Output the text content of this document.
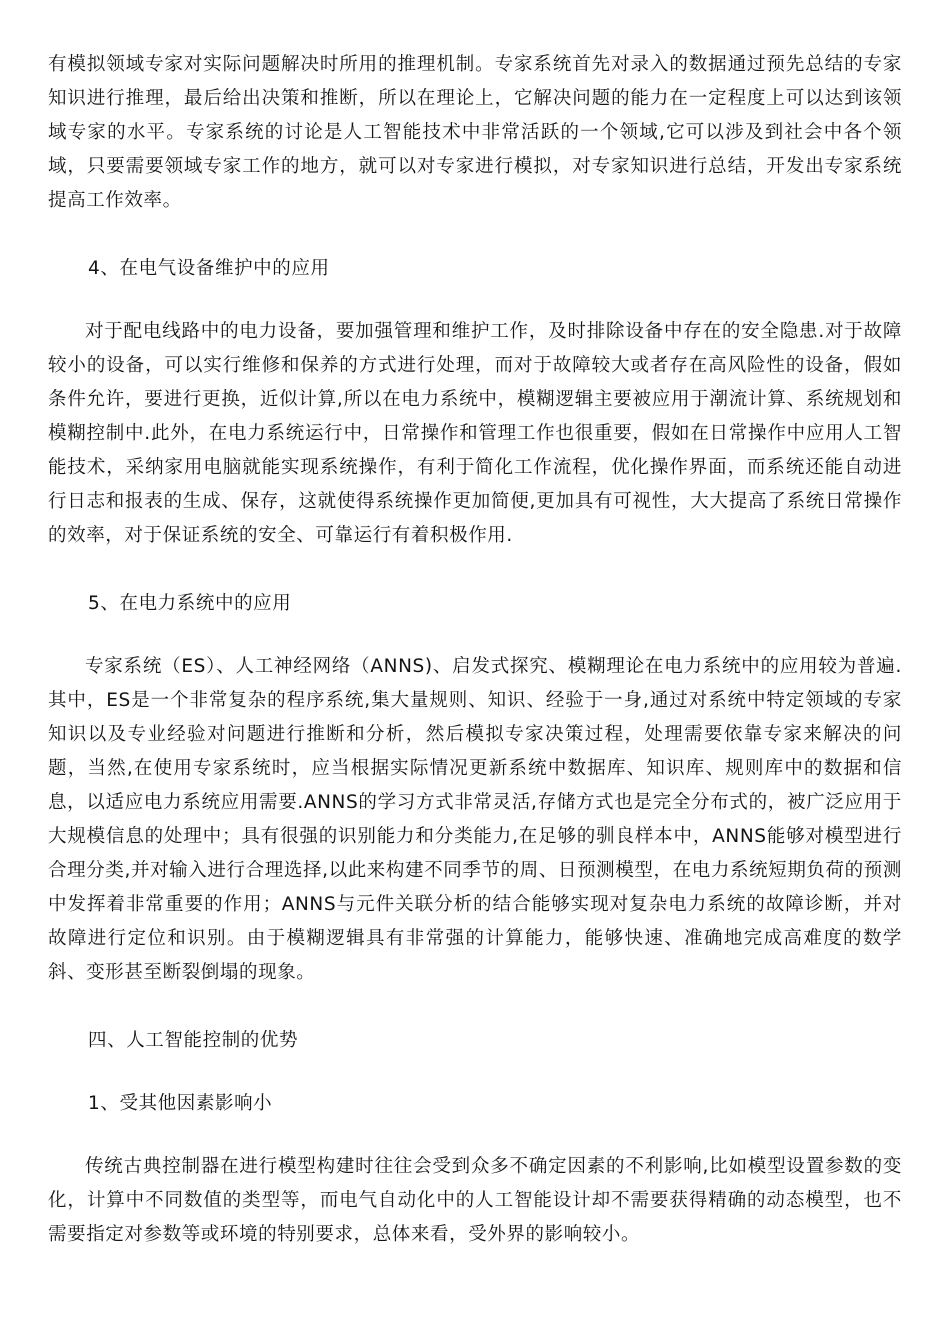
有模拟领域专家对实际问题解决时所用的推理机制。专家系统首先对录入的数据通过预先总结的专家知识进行推理，最后给出决策和推断，所以在理论上，它解决问题的能力在一定程度上可以达到该领域专家的水平。专家系统的讨论是人工智能技术中非常活跃的一个领域,它可以涉及到社会中各个领域，只要需要领域专家工作的地方，就可以对专家进行模拟，对专家知识进行总结，开发出专家系统提高工作效率。

4、在电气设备维护中的应用

对于配电线路中的电力设备，要加强管理和维护工作，及时排除设备中存在的安全隐患.对于故障较小的设备，可以实行维修和保养的方式进行处理，而对于故障较大或者存在高风险性的设备，假如条件允许，要进行更换，近似计算,所以在电力系统中，模糊逻辑主要被应用于潮流计算、系统规划和模糊控制中.此外，在电力系统运行中，日常操作和管理工作也很重要，假如在日常操作中应用人工智能技术，采纳家用电脑就能实现系统操作，有利于简化工作流程，优化操作界面，而系统还能自动进行日志和报表的生成、保存，这就使得系统操作更加简便,更加具有可视性，大大提高了系统日常操作的效率，对于保证系统的安全、可靠运行有着积极作用.

5、在电力系统中的应用

专家系统（ES）、人工神经网络（ANNS)、启发式探究、模糊理论在电力系统中的应用较为普遍.其中，ES是一个非常复杂的程序系统,集大量规则、知识、经验于一身,通过对系统中特定领域的专家知识以及专业经验对问题进行推断和分析，然后模拟专家决策过程，处理需要依靠专家来解决的问题，当然,在使用专家系统时，应当根据实际情况更新系统中数据库、知识库、规则库中的数据和信息，以适应电力系统应用需要.ANNS的学习方式非常灵活,存储方式也是完全分布式的，被广泛应用于大规模信息的处理中；具有很强的识别能力和分类能力,在足够的驯良样本中，ANNS能够对模型进行合理分类,并对输入进行合理选择,以此来构建不同季节的周、日预测模型，在电力系统短期负荷的预测中发挥着非常重要的作用；ANNS与元件关联分析的结合能够实现对复杂电力系统的故障诊断，并对故障进行定位和识别。由于模糊逻辑具有非常强的计算能力，能够快速、准确地完成高难度的数学斜、变形甚至断裂倒塌的现象。

四、人工智能控制的优势

1、受其他因素影响小

传统古典控制器在进行模型构建时往往会受到众多不确定因素的不利影响,比如模型设置参数的变化，计算中不同数值的类型等，而电气自动化中的人工智能设计却不需要获得精确的动态模型，也不需要指定对参数等或环境的特别要求，总体来看，受外界的影响较小。
